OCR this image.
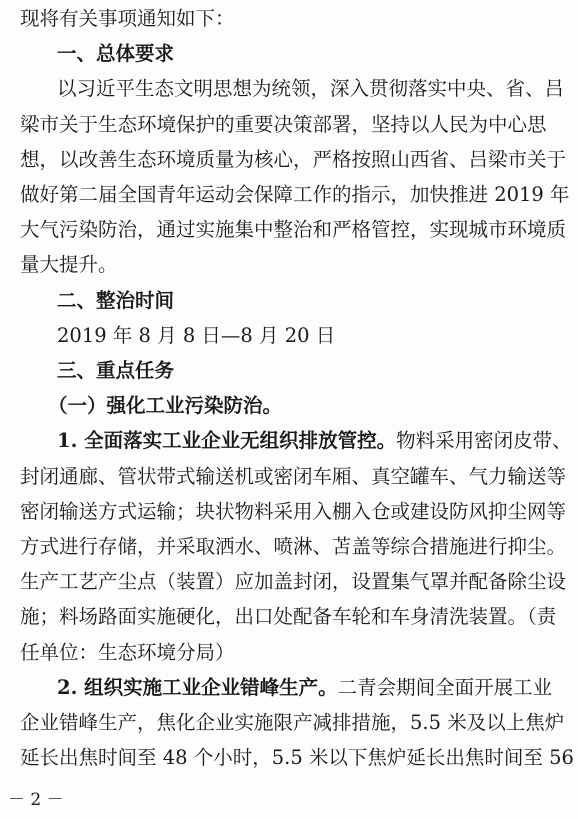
现将有关事项通知如下：
一、总体要求
以习近平生态文明思想为统领，深入贯彻落实中央、省、吕
梁市关于生态环境保护的重要决策部署，坚持以人民为中心思
想，以改善生态环境质量为核心，严格按照山西省、吕梁市关于
做好第二届全国青年运动会保障工作的指示，加快推进 2019 年
大气污染防治，通过实施集中整治和严格管控，实现城市环境质
量大提升。
二、整治时间
2019 年 8 月 8 日—8 月 20 日
三、重点任务
（一）强化工业污染防治。
1. 全面落实工业企业无组织排放管控。物料采用密闭皮带、
封闭通廊、管状带式输送机或密闭车厢、真空罐车、气力输送等
密闭输送方式运输；块状物料采用入棚入仓或建设防风抑尘网等
方式进行存储，并采取洒水、喷淋、苫盖等综合措施进行抑尘。
生产工艺产尘点（装置）应加盖封闭，设置集气罩并配备除尘设
施；料场路面实施硬化，出口处配备车轮和车身清洗装置。（责
任单位：生态环境分局）
2. 组织实施工业企业错峰生产。二青会期间全面开展工业
企业错峰生产，焦化企业实施限产减排措施，5.5 米及以上焦炉
－ 2 －
延长出焦时间至 48 个小时，5.5 米以下焦炉延长出焦时间至 56
